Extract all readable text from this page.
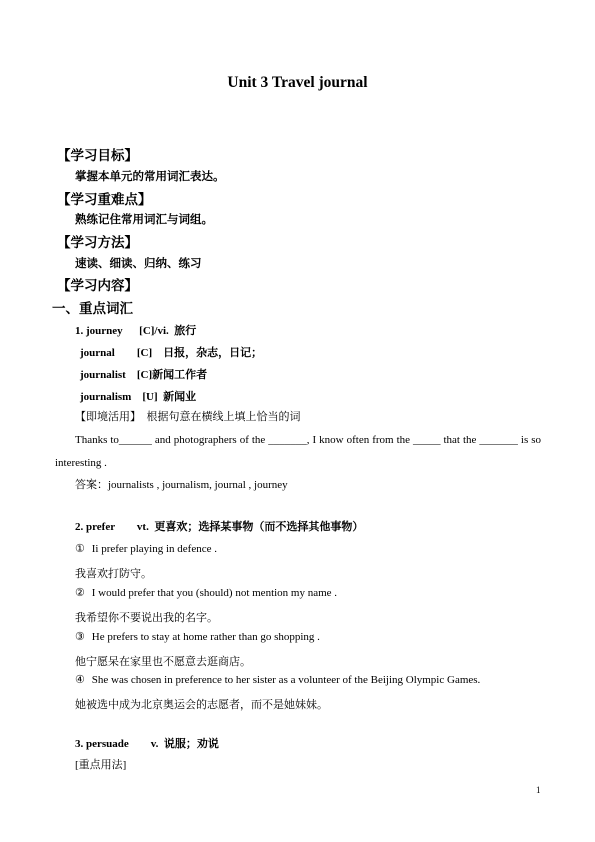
Unit 3 Travel journal
【学习目标】
掌握本单元的常用词汇表达。
【学习重难点】
熟练记住常用词汇与词组。
【学习方法】
速读、细读、归纳、练习
【学习内容】
一、重点词汇
1. journey      [C]/vi.  旅行
journal        [C]    日报，杂志，日记；
journalist    [C]新闻工作者
journalism    [U]  新闻业
【即境活用】  根据句意在横线上填上恰当的词
Thanks to______ and photographers of the _______, I know often from the _____ that the _______ is so interesting .
答案：journalists , journalism, journal , journey
2. prefer        vt.  更喜欢；选择某事物（而不选择其他事物）
① Ii prefer playing in defence .
我喜欢打防守。
② I would prefer that you (should) not mention my name .
我希望你不要说出我的名字。
③ He prefers to stay at home rather than go shopping .
他宁愿呆在家里也不愿意去逛商店。
④ She was chosen in preference to her sister as a volunteer of the Beijing Olympic Games.
她被选中成为北京奥运会的志愿者，而不是她妹妹。
3. persuade        v.  说服；劝说
[重点用法]
1
